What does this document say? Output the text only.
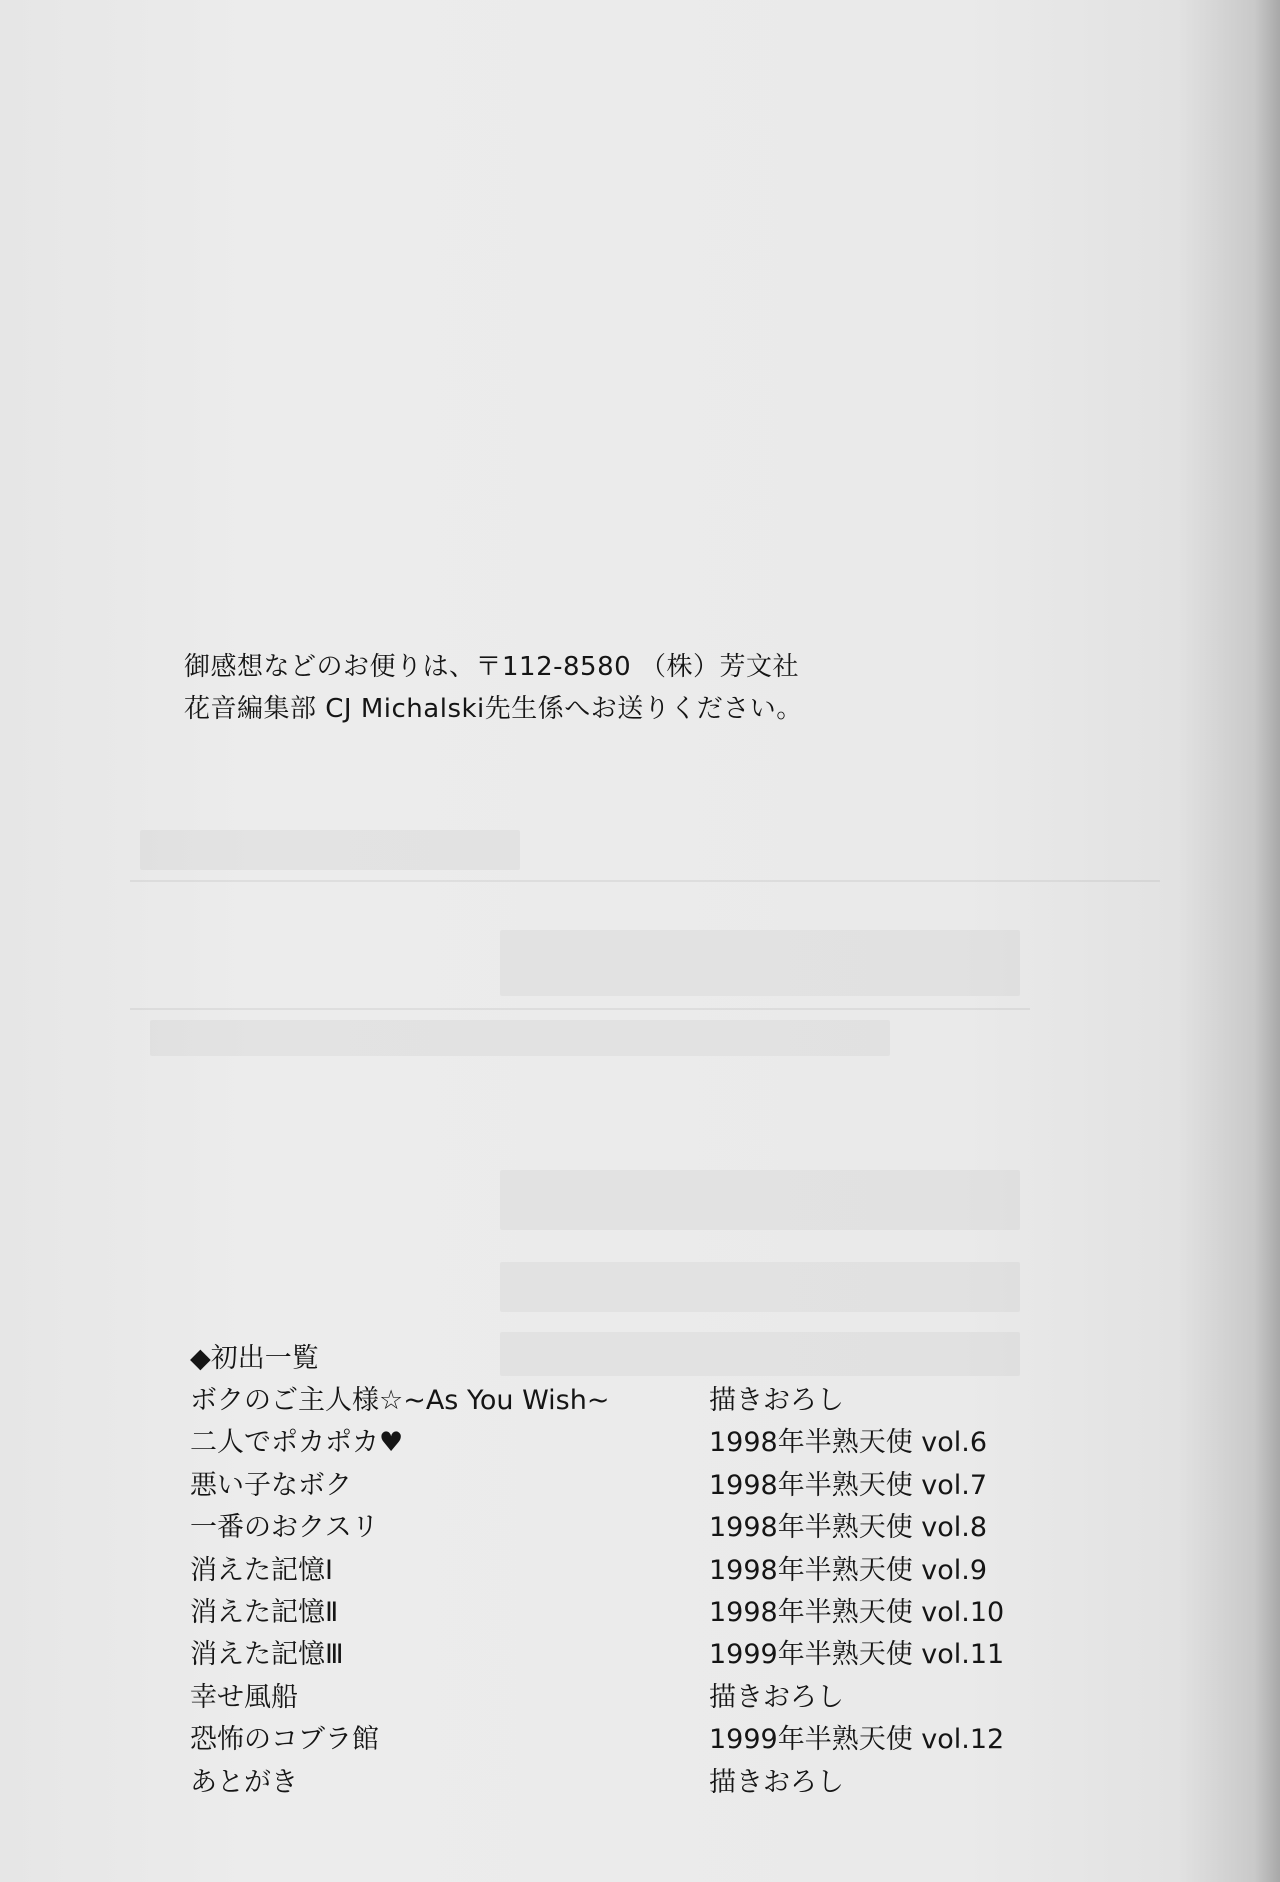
御感想などのお便りは、〒112-8580 （株）芳文社
花音編集部 CJ Michalski先生係へお送りください。
◆初出一覧
ボクのご主人様☆~As You Wish~	描きおろし
二人でポカポカ♥	1998年半熟天使 vol.6
悪い子なボク	1998年半熟天使 vol.7
一番のおクスリ	1998年半熟天使 vol.8
消えた記憶Ⅰ	1998年半熟天使 vol.9
消えた記憶Ⅱ	1998年半熟天使 vol.10
消えた記憶Ⅲ	1999年半熟天使 vol.11
幸せ風船	描きおろし
恐怖のコブラ館	1999年半熟天使 vol.12
あとがき	描きおろし
